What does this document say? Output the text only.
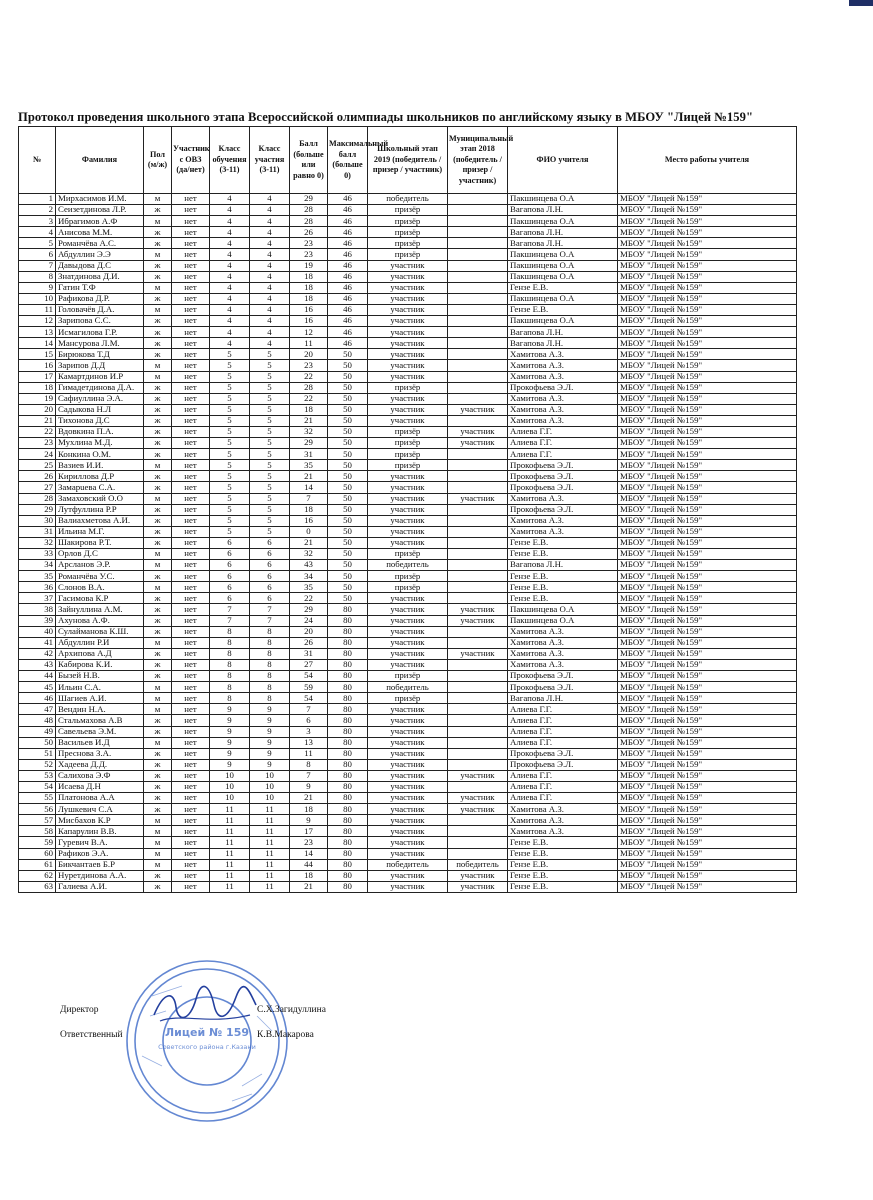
Протокол проведения школьного этапа Всероссийской олимпиады школьников по английскому языку в МБОУ "Лицей №159"
№	Фамилия	Пол (м/ж)	Участник с ОВЗ (да/нет)	Класс обучения (3-11)	Класс участия (3-11)	Балл (больше или равно 0)	Максимальный балл (больше 0)	Школьный этап 2019 (победитель / призер / участник)	Муниципальный этап 2018 (победитель / призер / участник)	ФИО учителя	Место работы учителя
1	Мирхасимов И.М.	м	нет	4	4	29	46	победитель		Пакшинцева О.А	МБОУ "Лицей №159"
2	Сеизетдинова Л.Р.	ж	нет	4	4	28	46	призёр		Вагапова Л.Н.	МБОУ "Лицей №159"
3	Ибрагимов А.Ф	м	нет	4	4	28	46	призёр		Пакшинцева О.А	МБОУ "Лицей №159"
4	Анисова М.М.	ж	нет	4	4	26	46	призёр		Вагапова Л.Н.	МБОУ "Лицей №159"
5	Романчёва А.С.	ж	нет	4	4	23	46	призёр		Вагапова Л.Н.	МБОУ "Лицей №159"
6	Абдуллин Э.Э	м	нет	4	4	23	46	призёр		Пакшинцева О.А	МБОУ "Лицей №159"
7	Давыдова Д.С	ж	нет	4	4	19	46	участник		Пакшинцева О.А	МБОУ "Лицей №159"
8	Знатдинова Д.И.	ж	нет	4	4	18	46	участник		Пакшинцева О.А	МБОУ "Лицей №159"
9	Гатин Т.Ф	м	нет	4	4	18	46	участник		Гензе Е.В.	МБОУ "Лицей №159"
10	Рафикова Д.Р.	ж	нет	4	4	18	46	участник		Пакшинцева О.А	МБОУ "Лицей №159"
11	Головачёв Д.А.	м	нет	4	4	16	46	участник		Гензе Е.В.	МБОУ "Лицей №159"
12	Зарипова С.С.	ж	нет	4	4	16	46	участник		Пакшинцева О.А	МБОУ "Лицей №159"
13	Исмагилова Г.Р.	ж	нет	4	4	12	46	участник		Вагапова Л.Н.	МБОУ "Лицей №159"
14	Мансурова Л.М.	ж	нет	4	4	11	46	участник		Вагапова Л.Н.	МБОУ "Лицей №159"
15	Бирюкова Т.Д	ж	нет	5	5	20	50	участник		Хамитова А.З.	МБОУ "Лицей №159"
16	Зарипов Д.Д	м	нет	5	5	23	50	участник		Хамитова А.З.	МБОУ "Лицей №159"
17	Камартдинов И.Р	м	нет	5	5	22	50	участник		Хамитова А.З.	МБОУ "Лицей №159"
18	Гимадетдинова Д.А.	ж	нет	5	5	28	50	призёр		Прокофьева Э.Л.	МБОУ "Лицей №159"
19	Сафиуллина Э.А.	ж	нет	5	5	22	50	участник		Хамитова А.З.	МБОУ "Лицей №159"
20	Садыкова Н.Л	ж	нет	5	5	18	50	участник	участник	Хамитова А.З.	МБОУ "Лицей №159"
21	Тихонова Д.С	ж	нет	5	5	21	50	участник		Хамитова А.З.	МБОУ "Лицей №159"
22	Вдовкина П.А.	ж	нет	5	5	32	50	призёр	участник	Алиева Г.Г.	МБОУ "Лицей №159"
23	Мухлина М.Д.	ж	нет	5	5	29	50	призёр	участник	Алиева Г.Г.	МБОУ "Лицей №159"
24	Конкина О.М.	ж	нет	5	5	31	50	призёр		Алиева Г.Г.	МБОУ "Лицей №159"
25	Вазиев И.И.	м	нет	5	5	35	50	призёр		Прокофьева Э.Л.	МБОУ "Лицей №159"
26	Кириллова Д.Р	ж	нет	5	5	21	50	участник		Прокофьева Э.Л.	МБОУ "Лицей №159"
27	Замарuева С.А.	ж	нет	5	5	14	50	участник		Прокофьева Э.Л.	МБОУ "Лицей №159"
28	Замаховский О.О	м	нет	5	5	7	50	участник	участник	Хамитова А.З.	МБОУ "Лицей №159"
29	Лутфуллина Р.Р	ж	нет	5	5	18	50	участник		Прокофьева Э.Л.	МБОУ "Лицей №159"
30	Валиахметова А.И.	ж	нет	5	5	16	50	участник		Хамитова А.З.	МБОУ "Лицей №159"
31	Ильина М.Г.	ж	нет	5	5	0	50	участник		Хамитова А.З.	МБОУ "Лицей №159"
32	Шакирова Р.Т.	ж	нет	6	6	21	50	участник		Гензе Е.В.	МБОУ "Лицей №159"
33	Орлов Д.С	м	нет	6	6	32	50	призёр		Гензе Е.В.	МБОУ "Лицей №159"
34	Арсланов Э.Р.	м	нет	6	6	43	50	победитель		Вагапова Л.Н.	МБОУ "Лицей №159"
35	Романчёва У.С.	ж	нет	6	6	34	50	призёр		Гензе Е.В.	МБОУ "Лицей №159"
36	Слонов В.А.	м	нет	6	6	35	50	призёр		Гензе Е.В.	МБОУ "Лицей №159"
37	Гасимова К.Р	ж	нет	6	6	22	50	участник		Гензе Е.В.	МБОУ "Лицей №159"
38	Зайнуллина А.М.	ж	нет	7	7	29	80	участник	участник	Пакшинцева О.А	МБОУ "Лицей №159"
39	Ахунова А.Ф.	ж	нет	7	7	24	80	участник	участник	Пакшинцева О.А	МБОУ "Лицей №159"
40	Сулайманова К.Ш.	ж	нет	8	8	20	80	участник		Хамитова А.З.	МБОУ "Лицей №159"
41	Абдуллин Р.И	м	нет	8	8	26	80	участник		Хамитова А.З.	МБОУ "Лицей №159"
42	Архипова А.Д	ж	нет	8	8	31	80	участник	участник	Хамитова А.З.	МБОУ "Лицей №159"
43	Кабирова К.И.	ж	нет	8	8	27	80	участник		Хамитова А.З.	МБОУ "Лицей №159"
44	Бызей Н.В.	ж	нет	8	8	54	80	призёр		Прокофьева Э.Л.	МБОУ "Лицей №159"
45	Ильин С.А.	м	нет	8	8	59	80	победитель		Прокофьева Э.Л.	МБОУ "Лицей №159"
46	Шагиев А.И.	м	нет	8	8	54	80	призёр		Вагапова Л.Н.	МБОУ "Лицей №159"
47	Вендин Н.А.	м	нет	9	9	7	80	участник		Алиева Г.Г.	МБОУ "Лицей №159"
48	Стальмахова А.В	ж	нет	9	9	6	80	участник		Алиева Г.Г.	МБОУ "Лицей №159"
49	Савельева Э.М.	ж	нет	9	9	3	80	участник		Алиева Г.Г.	МБОУ "Лицей №159"
50	Васильев И.Д	м	нет	9	9	13	80	участник		Алиева Г.Г.	МБОУ "Лицей №159"
51	Преснова З.А.	ж	нет	9	9	11	80	участник		Прокофьева Э.Л.	МБОУ "Лицей №159"
52	Хадеева Д.Д.	ж	нет	9	9	8	80	участник		Прокофьева Э.Л.	МБОУ "Лицей №159"
53	Салихова Э.Ф	ж	нет	10	10	7	80	участник	участник	Алиева Г.Г.	МБОУ "Лицей №159"
54	Исаева Д.Н	ж	нет	10	10	9	80	участник		Алиева Г.Г.	МБОУ "Лицей №159"
55	Платонова А.А	ж	нет	10	10	21	80	участник	участник	Алиева Г.Г.	МБОУ "Лицей №159"
56	Лушкевич С.А	ж	нет	11	11	18	80	участник	участник	Хамитова А.З.	МБОУ "Лицей №159"
57	Мисбахов К.Р	м	нет	11	11	9	80	участник		Хамитова А.З.	МБОУ "Лицей №159"
58	Капарулин В.В.	м	нет	11	11	17	80	участник		Хамитова А.З.	МБОУ "Лицей №159"
59	Гуревич В.А.	м	нет	11	11	23	80	участник		Гензе Е.В.	МБОУ "Лицей №159"
60	Рафиков Э.А.	м	нет	11	11	14	80	участник		Гензе Е.В.	МБОУ "Лицей №159"
61	Бикчантаев Б.Р	м	нет	11	11	44	80	победитель	победитель	Гензе Е.В.	МБОУ "Лицей №159"
62	Нуретдинова А.А.	ж	нет	11	11	18	80	участник	участник	Гензе Е.В.	МБОУ "Лицей №159"
63	Галиева А.И.	ж	нет	11	11	21	80	участник	участник	Гензе Е.В.	МБОУ "Лицей №159"
Лицей № 159
Советского района г.Казани
Директор	С.Х.Загидуллина
Ответственный	К.В.Макарова
